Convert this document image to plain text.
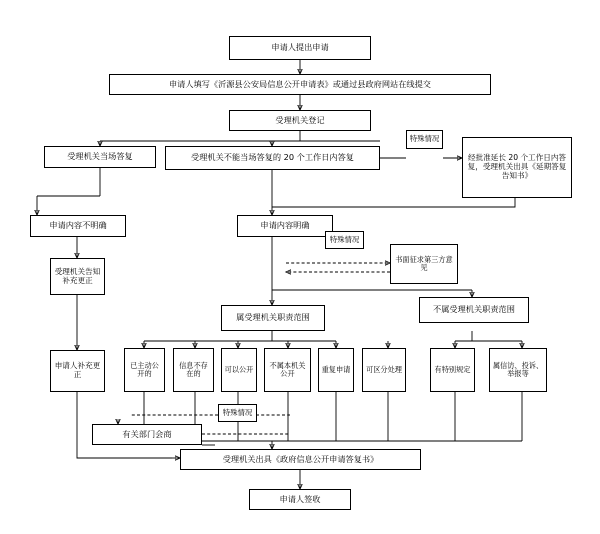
申请人提出申请
申请人填写《沂源县公安局信息公开申请表》或通过县政府网站在线提交
受理机关登记
受理机关当场答复	受理机关不能当场答复的 20 个工作日内答复	经批准延长 20 个工作日内答复，受理机关出具《延期答复告知书》
特殊情况
申请内容不明确	申请内容明确
特殊情况
书面征求第三方意见
受理机关告知补充更正
申请人补充更正
属受理机关职责范围
不属受理机关职责范围
已主动公开的
信息不存在的	可以公开	不属本机关公开	重复申请	可区分处理	有特别规定	属信访、投诉、举报等
特殊情况
有关部门会商
受理机关出具《政府信息公开申请答复书》
申请人签收
